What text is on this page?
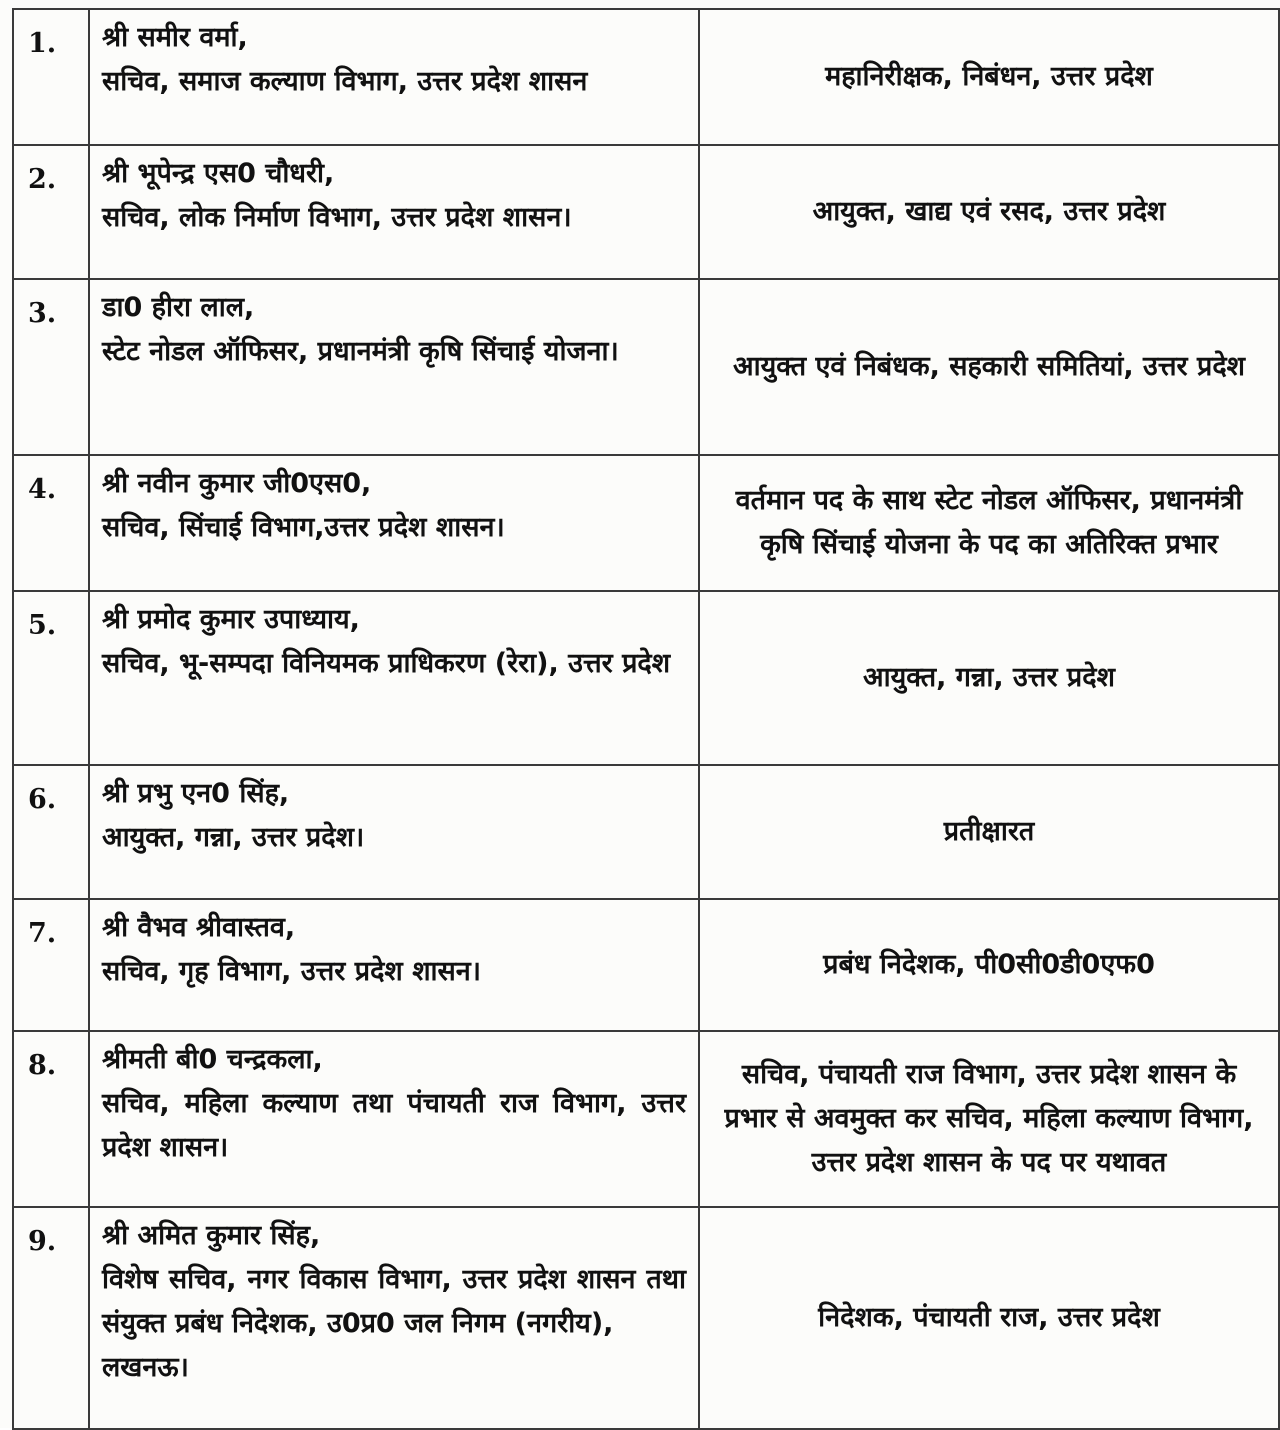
1.	श्री समीर वर्मा,
सचिव, समाज कल्याण विभाग, उत्तर प्रदेश शासन	महानिरीक्षक, निबंधन, उत्तर प्रदेश
2.	श्री भूपेन्द्र एस0 चौधरी,
सचिव, लोक निर्माण विभाग, उत्तर प्रदेश शासन।	आयुक्त, खाद्य एवं रसद, उत्तर प्रदेश
3.	डा0 हीरा लाल,
स्टेट नोडल ऑफिसर, प्रधानमंत्री कृषि सिंचाई योजना।	आयुक्त एवं निबंधक, सहकारी समितियां, उत्तर प्रदेश
4.	श्री नवीन कुमार जी0एस0,
सचिव, सिंचाई विभाग,उत्तर प्रदेश शासन।	वर्तमान पद के साथ स्टेट नोडल ऑफिसर, प्रधानमंत्री कृषि सिंचाई योजना के पद का अतिरिक्त प्रभार
5.	श्री प्रमोद कुमार उपाध्याय,
सचिव, भू-सम्पदा विनियमक प्राधिकरण (रेरा), उत्तर प्रदेश	आयुक्त, गन्ना, उत्तर प्रदेश
6.	श्री प्रभु एन0 सिंह,
आयुक्त, गन्ना, उत्तर प्रदेश।	प्रतीक्षारत
7.	श्री वैभव श्रीवास्तव,
सचिव, गृह विभाग, उत्तर प्रदेश शासन।	प्रबंध निदेशक, पी0सी0डी0एफ0
8.	श्रीमती बी0 चन्द्रकला,
सचिव, महिला कल्याण तथा पंचायती राज विभाग, उत्तर प्रदेश शासन।	सचिव, पंचायती राज विभाग, उत्तर प्रदेश शासन के प्रभार से अवमुक्त कर सचिव, महिला कल्याण विभाग, उत्तर प्रदेश शासन के पद पर यथावत
9.	श्री अमित कुमार सिंह,
विशेष सचिव, नगर विकास विभाग, उत्तर प्रदेश शासन तथा संयुक्त प्रबंध निदेशक, उ0प्र0 जल निगम (नगरीय),
लखनऊ।	निदेशक, पंचायती राज, उत्तर प्रदेश
